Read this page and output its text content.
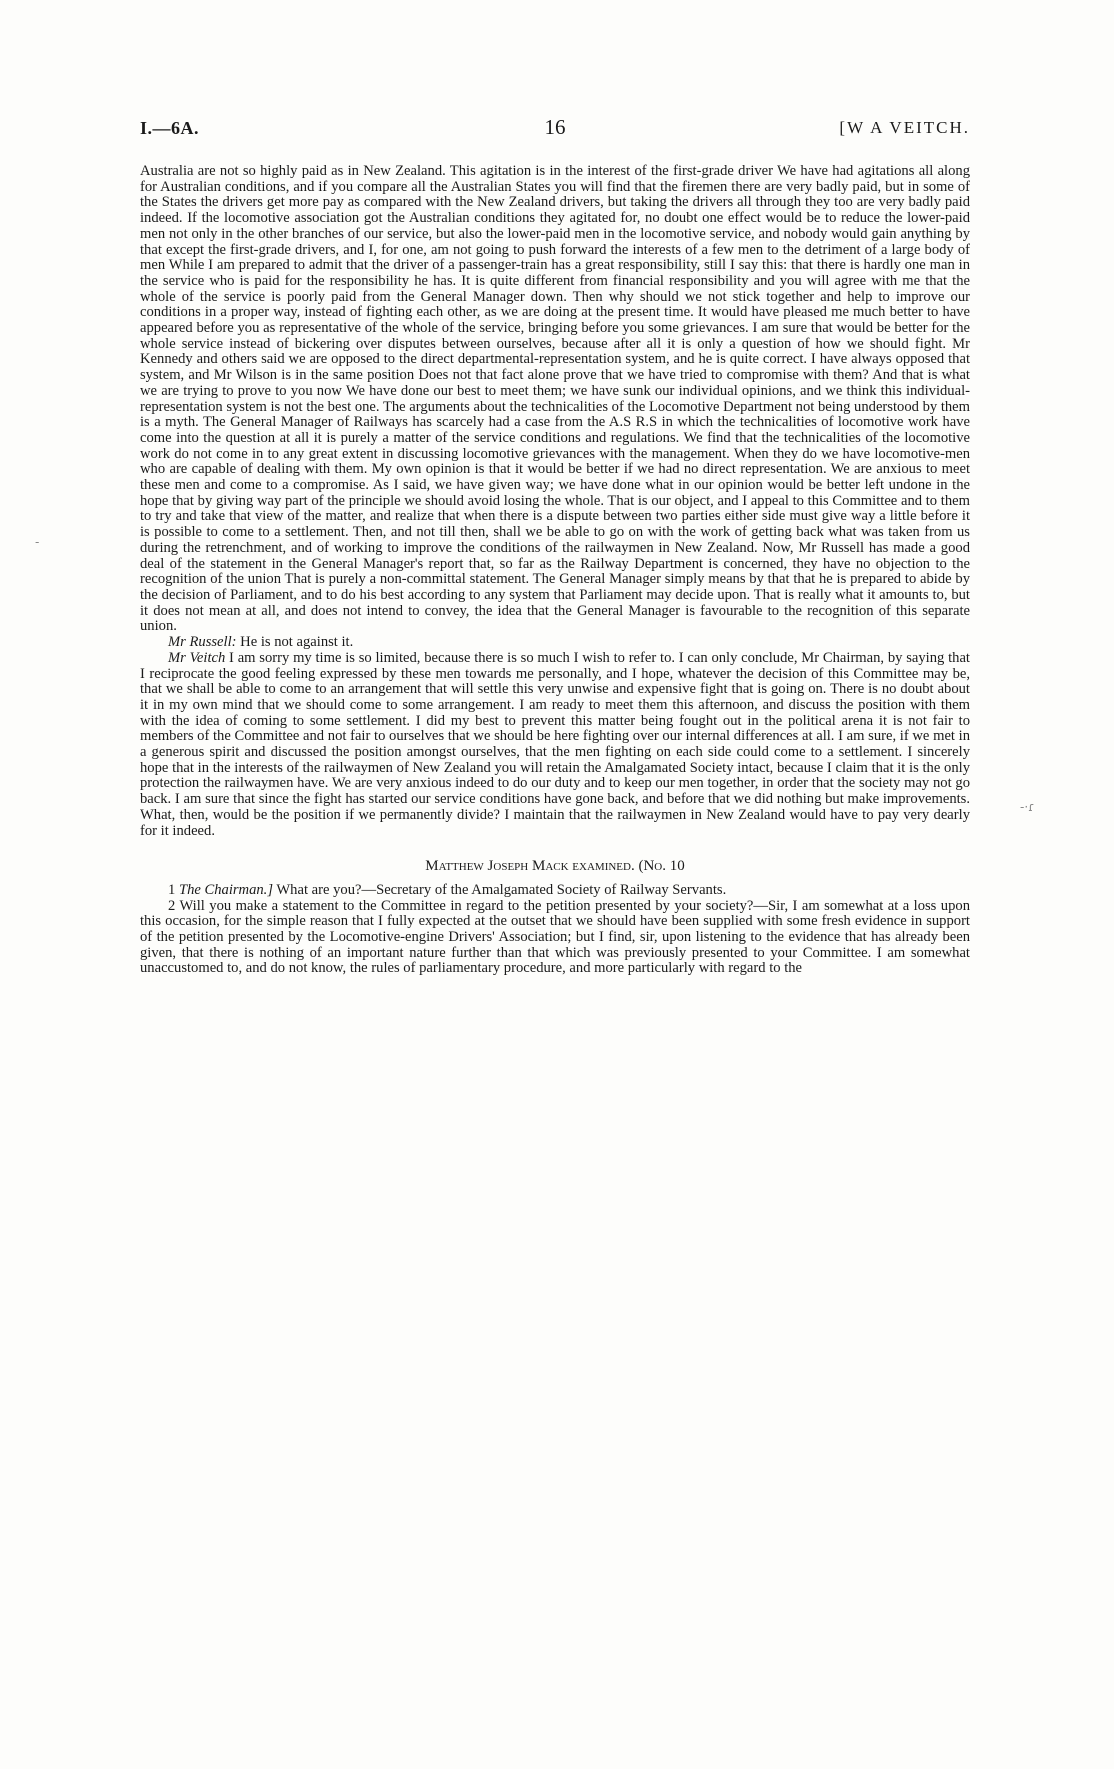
I.—6A.	16	[W A VEITCH.

Australia are not so highly paid as in New Zealand. This agitation is in the interest of the first-grade driver We have had agitations all along for Australian conditions, and if you compare all the Australian States you will find that the firemen there are very badly paid, but in some of the States the drivers get more pay as compared with the New Zealand drivers, but taking the drivers all through they too are very badly paid indeed. If the locomotive association got the Australian conditions they agitated for, no doubt one effect would be to reduce the lower-paid men not only in the other branches of our service, but also the lower-paid men in the locomotive service, and nobody would gain anything by that except the first-grade drivers, and I, for one, am not going to push forward the interests of a few men to the detriment of a large body of men While I am prepared to admit that the driver of a passenger-train has a great responsibility, still I say this: that there is hardly one man in the service who is paid for the responsibility he has. It is quite different from financial responsibility and you will agree with me that the whole of the service is poorly paid from the General Manager down. Then why should we not stick together and help to improve our conditions in a proper way, instead of fighting each other, as we are doing at the present time. It would have pleased me much better to have appeared before you as representative of the whole of the service, bringing before you some grievances. I am sure that would be better for the whole service instead of bickering over disputes between ourselves, because after all it is only a question of how we should fight. Mr Kennedy and others said we are opposed to the direct departmental-representation system, and he is quite correct. I have always opposed that system, and Mr Wilson is in the same position Does not that fact alone prove that we have tried to compromise with them? And that is what we are trying to prove to you now We have done our best to meet them; we have sunk our individual opinions, and we think this individual-representation system is not the best one. The arguments about the technicalities of the Locomotive Department not being understood by them is a myth. The General Manager of Railways has scarcely had a case from the A.S R.S in which the technicalities of locomotive work have come into the question at all it is purely a matter of the service conditions and regulations. We find that the technicalities of the locomotive work do not come in to any great extent in discussing locomotive grievances with the management. When they do we have locomotive-men who are capable of dealing with them. My own opinion is that it would be better if we had no direct representation. We are anxious to meet these men and come to a compromise. As I said, we have given way; we have done what in our opinion would be better left undone in the hope that by giving way part of the principle we should avoid losing the whole. That is our object, and I appeal to this Committee and to them to try and take that view of the matter, and realize that when there is a dispute between two parties either side must give way a little before it is possible to come to a settlement. Then, and not till then, shall we be able to go on with the work of getting back what was taken from us during the retrenchment, and of working to improve the conditions of the railwaymen in New Zealand. Now, Mr Russell has made a good deal of the statement in the General Manager's report that, so far as the Railway Department is concerned, they have no objection to the recognition of the union That is purely a non-committal statement. The General Manager simply means by that that he is prepared to abide by the decision of Parliament, and to do his best according to any system that Parliament may decide upon. That is really what it amounts to, but it does not mean at all, and does not intend to convey, the idea that the General Manager is favourable to the recognition of this separate union.

Mr Russell: He is not against it.

Mr Veitch I am sorry my time is so limited, because there is so much I wish to refer to. I can only conclude, Mr Chairman, by saying that I reciprocate the good feeling expressed by these men towards me personally, and I hope, whatever the decision of this Committee may be, that we shall be able to come to an arrangement that will settle this very unwise and expensive fight that is going on. There is no doubt about it in my own mind that we should come to some arrangement. I am ready to meet them this afternoon, and discuss the position with them with the idea of coming to some settlement. I did my best to prevent this matter being fought out in the political arena it is not fair to members of the Committee and not fair to ourselves that we should be here fighting over our internal differences at all. I am sure, if we met in a generous spirit and discussed the position amongst ourselves, that the men fighting on each side could come to a settlement. I sincerely hope that in the interests of the railwaymen of New Zealand you will retain the Amalgamated Society intact, because I claim that it is the only protection the railwaymen have. We are very anxious indeed to do our duty and to keep our men together, in order that the society may not go back. I am sure that since the fight has started our service conditions have gone back, and before that we did nothing but make improvements. What, then, would be the position if we permanently divide? I maintain that the railwaymen in New Zealand would have to pay very dearly for it indeed.

Matthew Joseph Mack examined. (No. 10

1 The Chairman.] What are you?—Secretary of the Amalgamated Society of Railway Servants.

2 Will you make a statement to the Committee in regard to the petition presented by your society?—Sir, I am somewhat at a loss upon this occasion, for the simple reason that I fully expected at the outset that we should have been supplied with some fresh evidence in support of the petition presented by the Locomotive-engine Drivers' Association; but I find, sir, upon listening to the evidence that has already been given, that there is nothing of an important nature further than that which was previously presented to your Committee. I am somewhat unaccustomed to, and do not know, the rules of parliamentary procedure, and more particularly with regard to the

-·ɾ
-
